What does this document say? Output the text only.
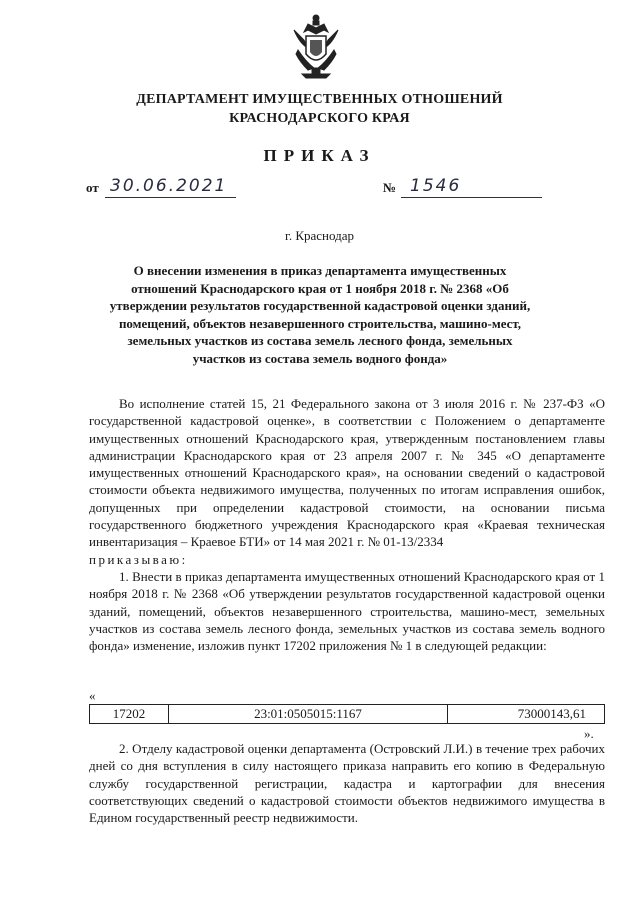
ДЕПАРТАМЕНТ ИМУЩЕСТВЕННЫХ ОТНОШЕНИЙ
КРАСНОДАРСКОГО КРАЯ
ПРИКАЗ
от 30.06.2021	№ 1546
г. Краснодар
О внесении изменения в приказ департамента имущественных отношений Краснодарского края от 1 ноября 2018 г. № 2368 «Об утверждении результатов государственной кадастровой оценки зданий, помещений, объектов незавершенного строительства, машино-мест, земельных участков из состава земель лесного фонда, земельных участков из состава земель водного фонда»

Во исполнение статей 15, 21 Федерального закона от 3 июля 2016 г. № 237-ФЗ «О государственной кадастровой оценке», в соответствии с Положением о департаменте имущественных отношений Краснодарского края, утвержденным постановлением главы администрации Краснодарского края от 23 апреля 2007 г. № 345 «О департаменте имущественных отношений Краснодарского края», на основании сведений о кадастровой стоимости объекта недвижимого имущества, полученных по итогам исправления ошибок, допущенных при определении кадастровой стоимости, на основании письма государственного бюджетного учреждения Краснодарского края «Краевая техническая инвентаризация – Краевое БТИ» от 14 мая 2021 г. № 01-13/2334

приказываю:

1. Внести в приказ департамента имущественных отношений Краснодарского края от 1 ноября 2018 г. № 2368 «Об утверждении результатов государственной кадастровой оценки зданий, помещений, объектов незавершенного строительства, машино-мест, земельных участков из состава земель лесного фонда, земельных участков из состава земель водного фонда» изменение, изложив пункт 17202 приложения № 1 в следующей редакции:

«
17202	23:01:0505015:1167	73000143,61
».

2. Отделу кадастровой оценки департамента (Островский Л.И.) в течение трех рабочих дней со дня вступления в силу настоящего приказа направить его копию в Федеральную службу государственной регистрации, кадастра и картографии для внесения соответствующих сведений о кадастровой стоимости объектов недвижимого имущества в Едином государственный реестр недвижимости.
